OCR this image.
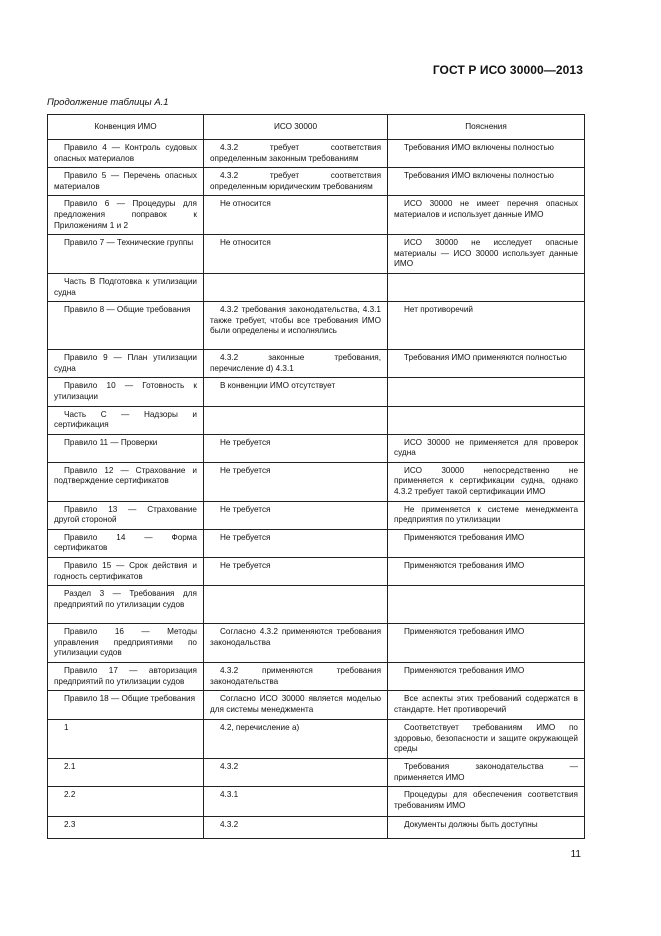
ГОСТ Р ИСО 30000—2013
Продолжение таблицы А.1
Конвенция ИМО	ИСО 30000	Пояснения
Правило 4 — Контроль судовых опасных материалов	4.3.2 требует соответствия определенным законным требованиям	Требования ИМО включены полностью
Правило 5 — Перечень опасных материалов	4.3.2 требует соответствия определенным юридическим требованиям	Требования ИМО включены полностью
Правило 6 — Процедуры для предложения поправок к Приложениям 1 и 2	Не относится	ИСО 30000 не имеет перечня опасных материалов и использует данные ИМО
Правило 7 — Технические группы	Не относится	ИСО 30000 не исследует опасные материалы — ИСО 30000 использует данные ИМО
Часть В Подготовка к утилизации судна		
Правило 8 — Общие требования	4.3.2 требования законодательства, 4.3.1 также требует, чтобы все требования ИМО были определены и исполнялись	Нет противоречий
Правило 9 — План утилизации судна	4.3.2 законные требования, перечисление d) 4.3.1	Требования ИМО применяются полностью
Правило 10 — Готовность к утилизации	В конвенции ИМО отсутствует	
Часть С — Надзоры и сертификация		
Правило 11 — Проверки	Не требуется	ИСО 30000 не применяется для проверок судна
Правило 12 — Страхование и подтверждение сертификатов	Не требуется	ИСО 30000 непосредственно не применяется к сертификации судна, однако 4.3.2 требует такой сертификации ИМО
Правило 13 — Страхование другой стороной	Не требуется	Не применяется к системе менеджмента предприятия по утилизации
Правило 14 — Форма сертификатов	Не требуется	Применяются требования ИМО
Правило 15 — Срок действия и годность сертификатов	Не требуется	Применяются требования ИМО
Раздел 3 — Требования для предприятий по утилизации судов		
Правило 16 — Методы управления предприятиями по утилизации судов	Согласно 4.3.2 применяются требования законодальства	Применяются требования ИМО
Правило 17 — авторизация предприятий по утилизации судов	4.3.2 применяются требования законодательства	Применяются требования ИМО
Правило 18 — Общие требования	Согласно ИСО 30000 является моделью для системы менеджмента	Все аспекты этих требований содержатся в стандарте. Нет противоречий
1	4.2, перечисление а)	Соответствует требованиям ИМО по здоровью, безопасности и защите окружающей среды
2.1	4.3.2	Требования законодательства — применяется ИМО
2.2	4.3.1	Процедуры для обеспечения соответствия требованиям ИМО
2.3	4.3.2	Документы должны быть доступны
11
